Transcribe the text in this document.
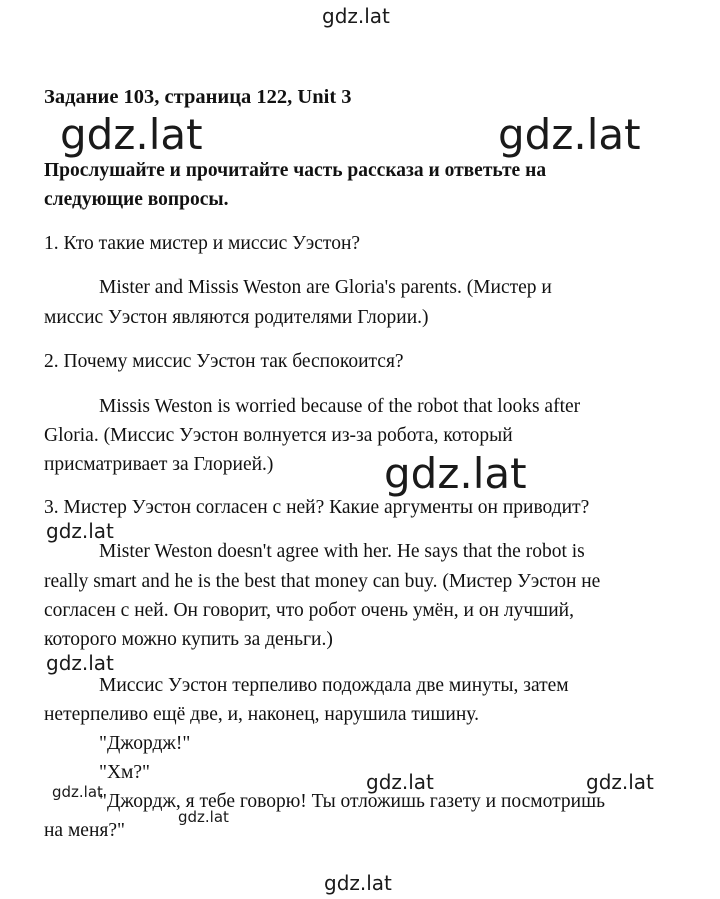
gdz.lat
gdz.lat	gdz.lat
gdz.lat
gdz.lat
gdz.lat
gdz.lat	gdz.lat
gdz.lat
gdz.lat
gdz.lat
Задание 103, страница 122, Unit 3
Прослушайте и прочитайте часть рассказа и ответьте на
следующие вопросы.
1. Кто такие мистер и миссис Уэстон?
Mister and Missis Weston are Gloria's parents. (Мистер и
миссис Уэстон являются родителями Глории.)
2. Почему миссис Уэстон так беспокоится?
Missis Weston is worried because of the robot that looks after
Gloria. (Миссис Уэстон волнуется из-за робота, который
присматривает за Глорией.)
3. Мистер Уэстон согласен с ней? Какие аргументы он приводит?
Mister Weston doesn't agree with her. He says that the robot is
really smart and he is the best that money can buy. (Мистер Уэстон не
согласен с ней. Он говорит, что робот очень умён, и он лучший,
которого можно купить за деньги.)
Миссис Уэстон терпеливо подождала две минуты, затем
нетерпеливо ещё две, и, наконец, нарушила тишину.
"Джордж!"
"Хм?"
"Джордж, я тебе говорю! Ты отложишь газету и посмотришь
на меня?"
